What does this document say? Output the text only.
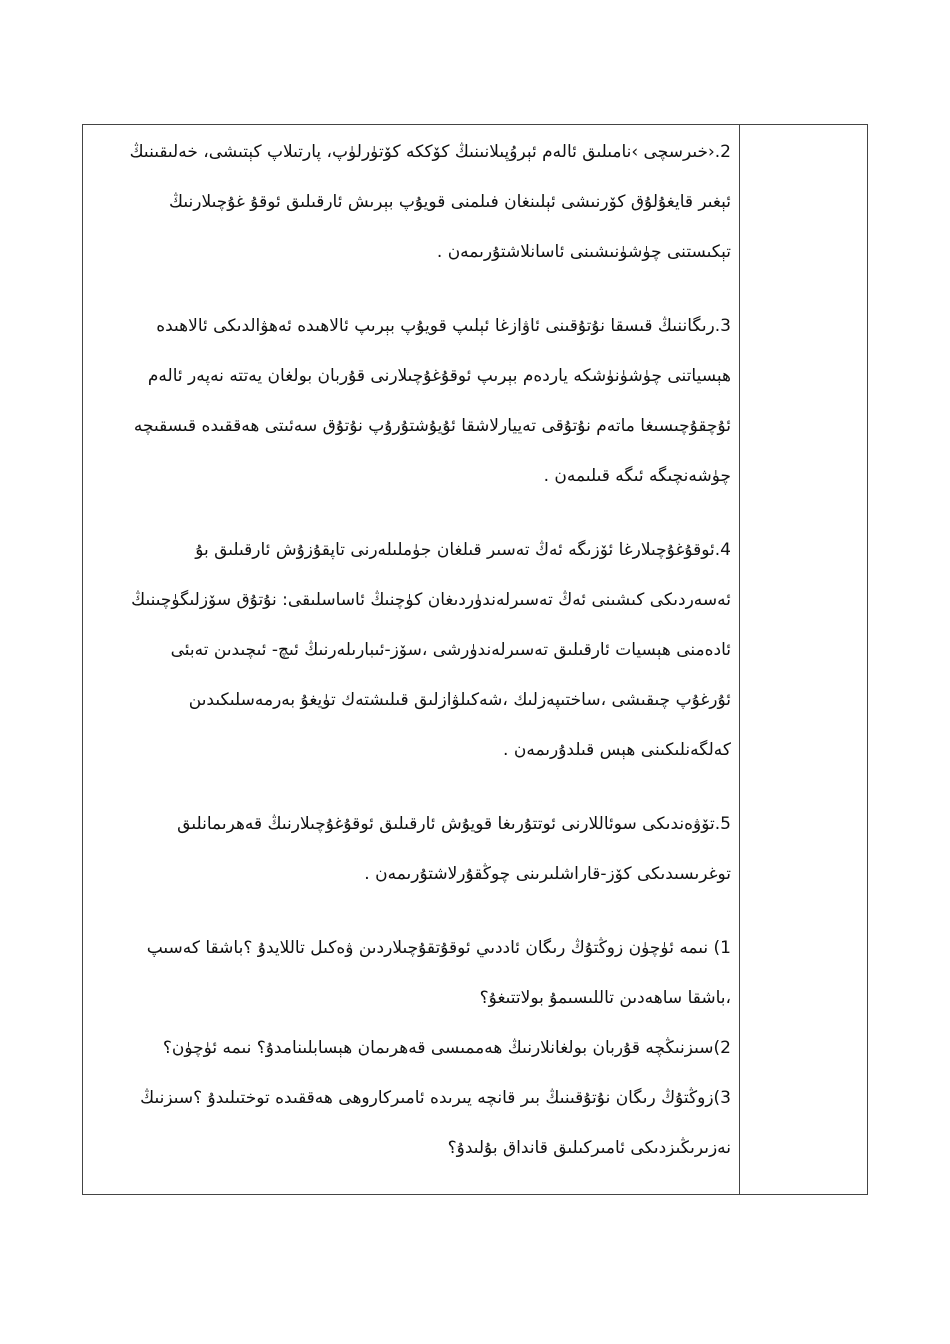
2.‹خىرسچى ›نامىلىق ئالەم ئېروُپىلانىنىڭ كۆككە كۆتۈرلۈپ، پارتىلاپ كېتىشى، خەلىقىنىڭ
ئېغىر قايغۇلۇق كۆرنىشى ئېلىنغان فىلمنى قويۇپ بېرىش ئارقىلىق ئوقۇ غۇچىلارنىڭ
تېكىستنى چۈشۈنىشىنى ئاسانلاشتۇرىمەن .
3.رىگاننىڭ قىسقا نۇتۇقىنى ئاۋازغا ئېلىپ قويۇپ بېرىپ ئالاھىدە ئەھۋالدىكى ئالاھىدە
ھېسياتنى چۈشۈنۈشكە ياردەم بېرىپ ئوقۇغۇچىلارنى قۇربان بولغان يەتتە نەپەر ئالەم
ئۇچقۇچىسىغا ماتەم نۇتۇقى تەييارلاشقا ئۇيۇشتۇرۇپ نۇتۇق سەئىتى ھەققىدە قىسقىچە
چۈشەنچىگە ئىگە قىلىمەن .
4.ئوقۇغۇچىلارغا ئۆزىگە ئەڭ تەسىر قىلغان جۈملىلەرنى تاپقۇزۇش ئارقىلىق بۇ
ئەسەردىكى كىشىنى ئەڭ تەسىرلەندۈردىغان كۈچنىڭ ئاساسلىقى: نۇتۇق سۆزلىگۈچىنىڭ
ئادەمنى ھېسيات ئارقىلىق تەسىرلەندۈرشى ،سۆز-ئىبارىلەرنىڭ ئىچ- ئىچىدىن تەبئى
ئۇرغۇپ چىقىشى ،ساختىپەزلىك ،شەكىلۋازلىق قىلىشتەك تۈيغۇ بەرمەسلىكىدىن
كەلگەنلىكىنى ھېس قىلدۇرىمەن .
5.تۆۋەندىكى سوئاللارنى ئوتتۇرىغا قويۇش ئارقىلىق ئوقۇغۇچىلارنىڭ قەھرىمانلىق
توغرىسىدىكى كۆز-قاراشلىرىنى چوڭقۇرلاشتۇرىمەن .
1) نىمە ئۈچۈن زوڭتۇڭ رىگان ئاددىي ئوقۇتقۇچىلاردىن ۋەكىل تاللايدۇ ؟باشقا كەسىپ
،باشقا ساھەدىن تاللىسىمۇ بولاتتىغۇ؟
2)سىزنىڭچە قۇربان بولغانلارنىڭ ھەممىسى قەھرىمان ھېسابلىنامدۇ؟ نىمە ئۈچۈن؟
3)زوڭتۇڭ رىگان نۇتۇقىنىڭ بىر قانچە يىرىدە ئامىركاروھى ھەققىدە توختىلىدۇ ؟سىزنىڭ
نەزىرىڭىزدىكى ئامىركىلىق قانداق بۇلىدۇ؟
